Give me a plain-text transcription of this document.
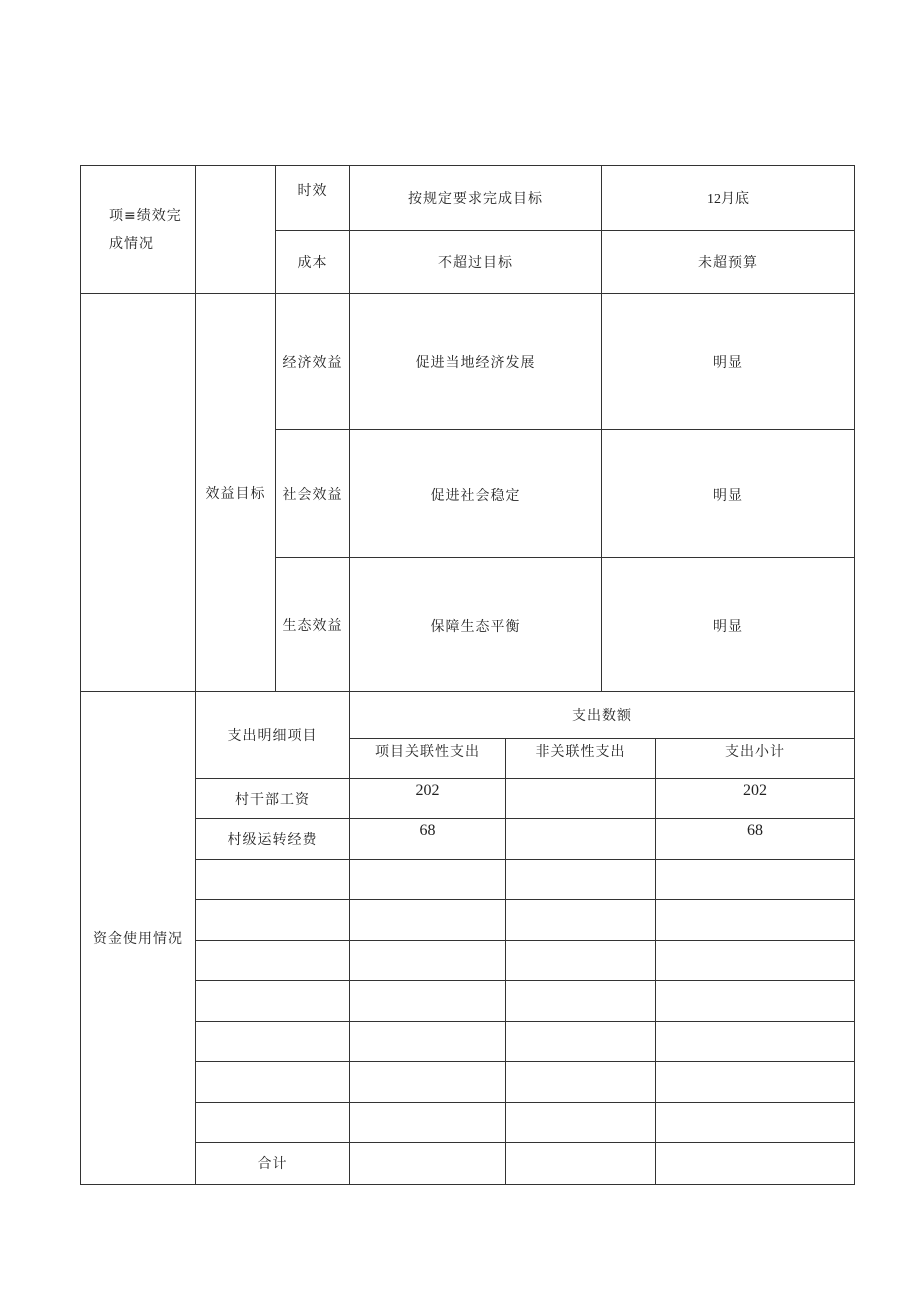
项≡绩效完成情况		时效	按规定要求完成目标		12月底	
		成本	不超过目标		未超预算	
	效益目标	经济效益	促进当地经济发展		明显	
		社会效益	促进社会稳定		明显	
		生态效益	保障生态平衡		明显	
资金使用情况	支出明细项目		支出数额			
			项目关联性支出	非关联性支出		支出小计
	村干部工资		202			202
	村级运转经费		68			68

	合计					
